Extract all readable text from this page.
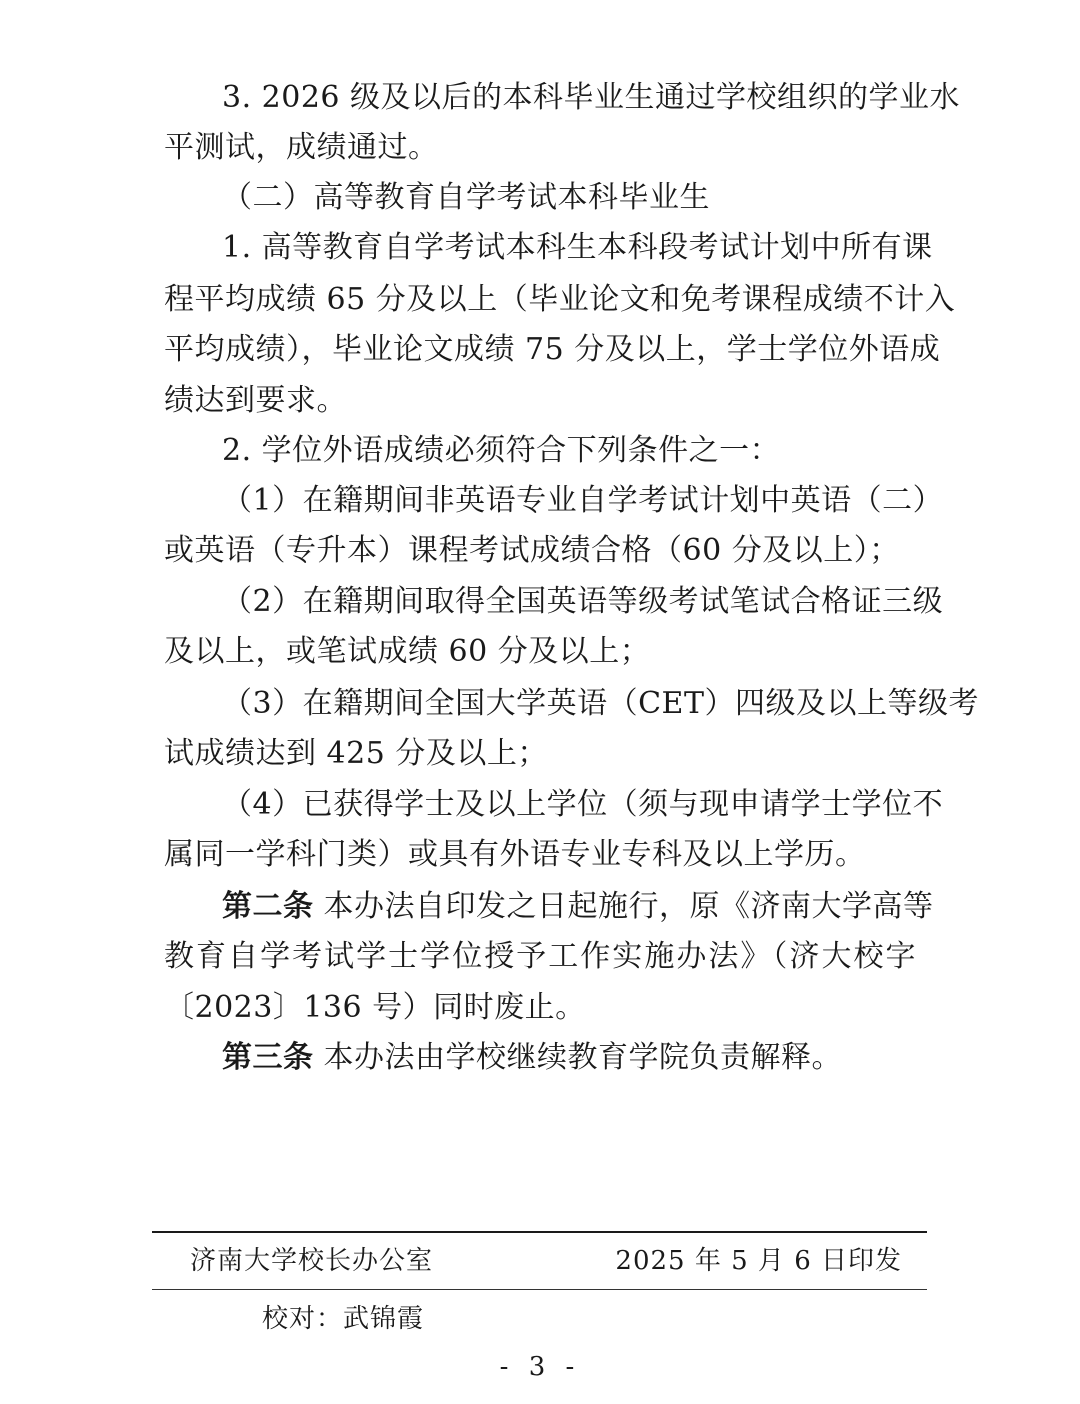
3. 2026 级及以后的本科毕业生通过学校组织的学业水
平测试，成绩通过。
（二）高等教育自学考试本科毕业生
1. 高等教育自学考试本科生本科段考试计划中所有课
程平均成绩 65 分及以上（毕业论文和免考课程成绩不计入
平均成绩），毕业论文成绩 75 分及以上，学士学位外语成
绩达到要求。
2. 学位外语成绩必须符合下列条件之一：
（1）在籍期间非英语专业自学考试计划中英语（二）
或英语（专升本）课程考试成绩合格（60 分及以上）；
（2）在籍期间取得全国英语等级考试笔试合格证三级
及以上，或笔试成绩 60 分及以上；
（3）在籍期间全国大学英语（CET）四级及以上等级考
试成绩达到 425 分及以上；
（4）已获得学士及以上学位（须与现申请学士学位不
属同一学科门类）或具有外语专业专科及以上学历。
第二条 本办法自印发之日起施行，原《济南大学高等
教育自学考试学士学位授予工作实施办法》（济大校字
〔2023〕136 号）同时废止。
第三条 本办法由学校继续教育学院负责解释。
济南大学校长办公室	2025 年 5 月 6 日印发
校对：武锦霞
- 3 -
